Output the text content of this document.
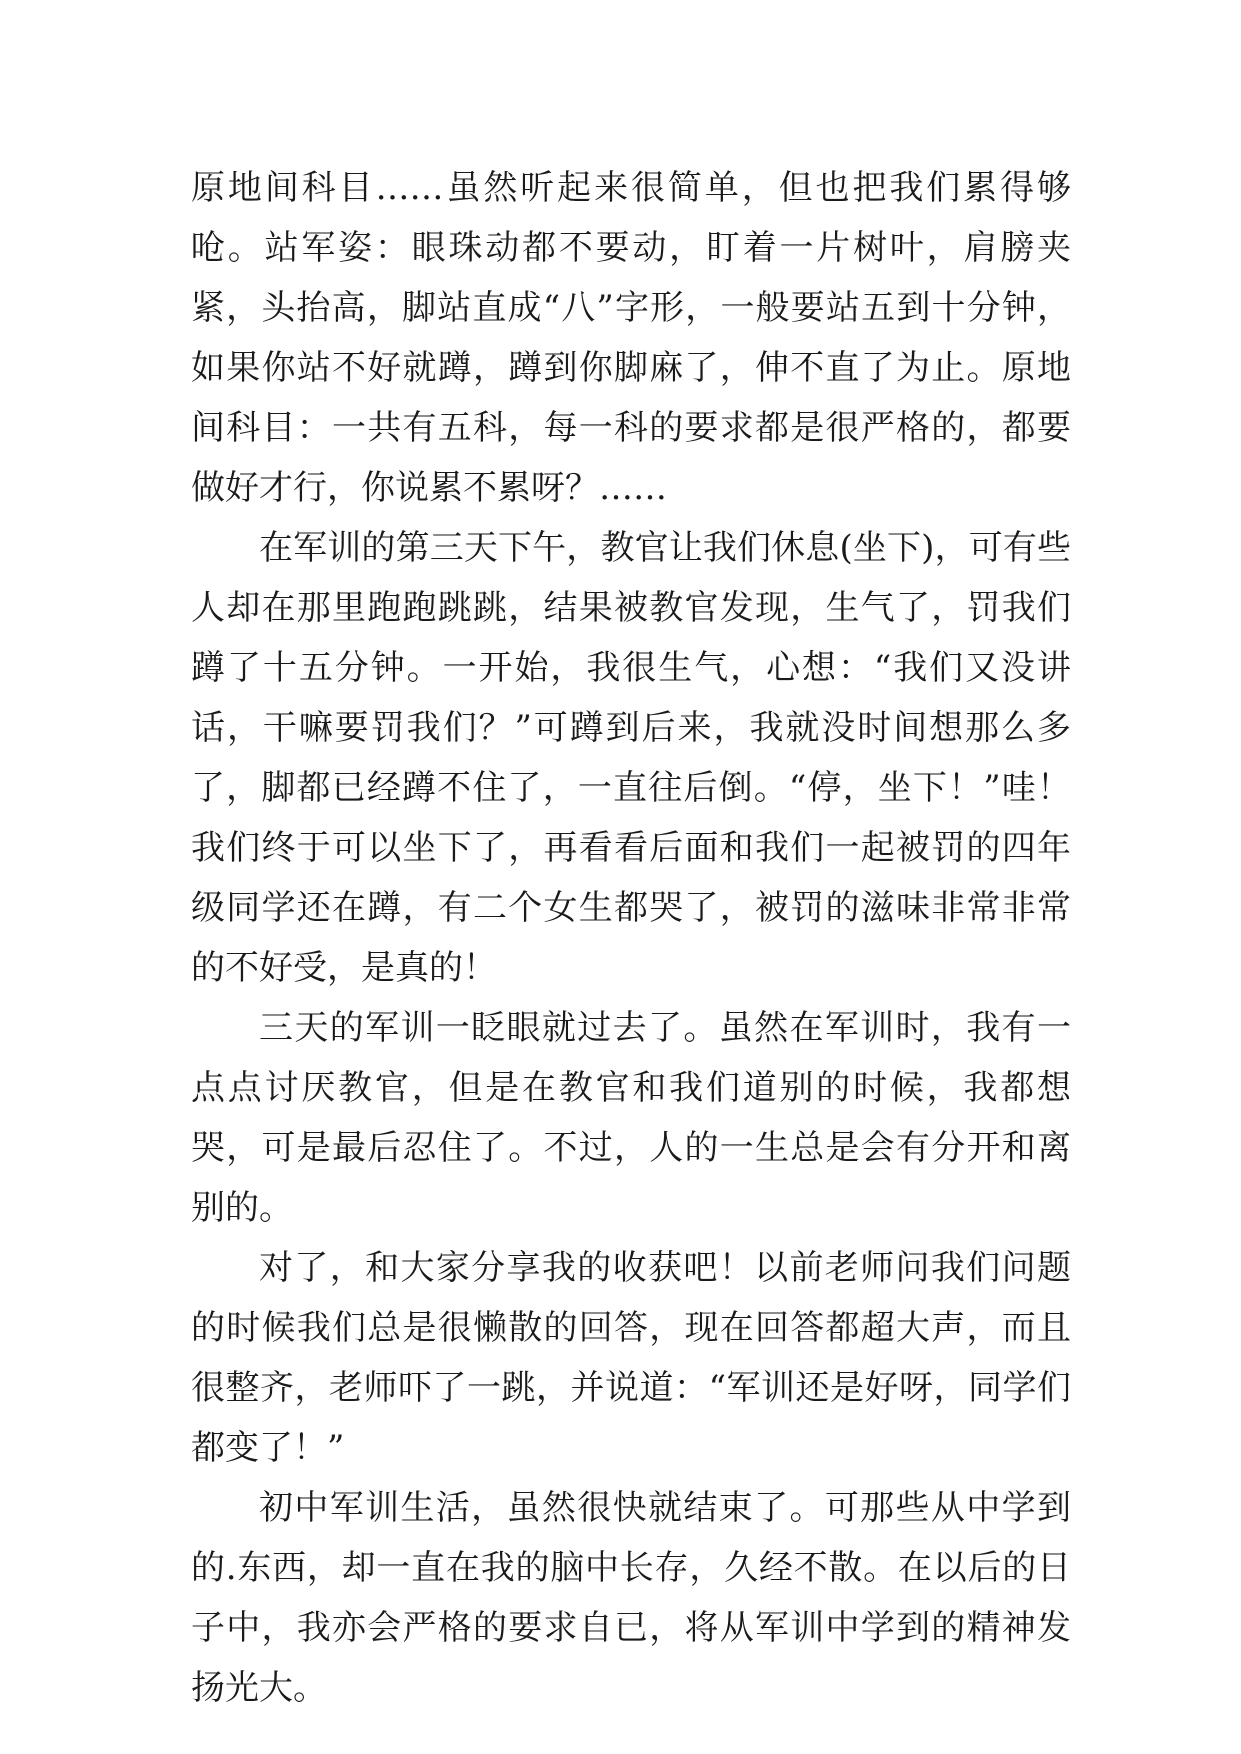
原地间科目……虽然听起来很简单，但也把我们累得够呛。站军姿：眼珠动都不要动，盯着一片树叶，肩膀夹紧，头抬高，脚站直成“八”字形，一般要站五到十分钟，如果你站不好就蹲，蹲到你脚麻了，伸不直了为止。原地间科目：一共有五科，每一科的要求都是很严格的，都要做好才行，你说累不累呀？……

在军训的第三天下午，教官让我们休息(坐下)，可有些人却在那里跑跑跳跳，结果被教官发现，生气了，罚我们蹲了十五分钟。一开始，我很生气，心想：“我们又没讲话，干嘛要罚我们？”可蹲到后来，我就没时间想那么多了，脚都已经蹲不住了，一直往后倒。“停，坐下！”哇！我们终于可以坐下了，再看看后面和我们一起被罚的四年级同学还在蹲，有二个女生都哭了，被罚的滋味非常非常的不好受，是真的！

三天的军训一眨眼就过去了。虽然在军训时，我有一点点讨厌教官，但是在教官和我们道别的时候，我都想哭，可是最后忍住了。不过，人的一生总是会有分开和离别的。

对了，和大家分享我的收获吧！以前老师问我们问题的时候我们总是很懒散的回答，现在回答都超大声，而且很整齐，老师吓了一跳，并说道：“军训还是好呀，同学们都变了！”

初中军训生活，虽然很快就结束了。可那些从中学到的.东西，却一直在我的脑中长存，久经不散。在以后的日子中，我亦会严格的要求自已，将从军训中学到的精神发扬光大。
